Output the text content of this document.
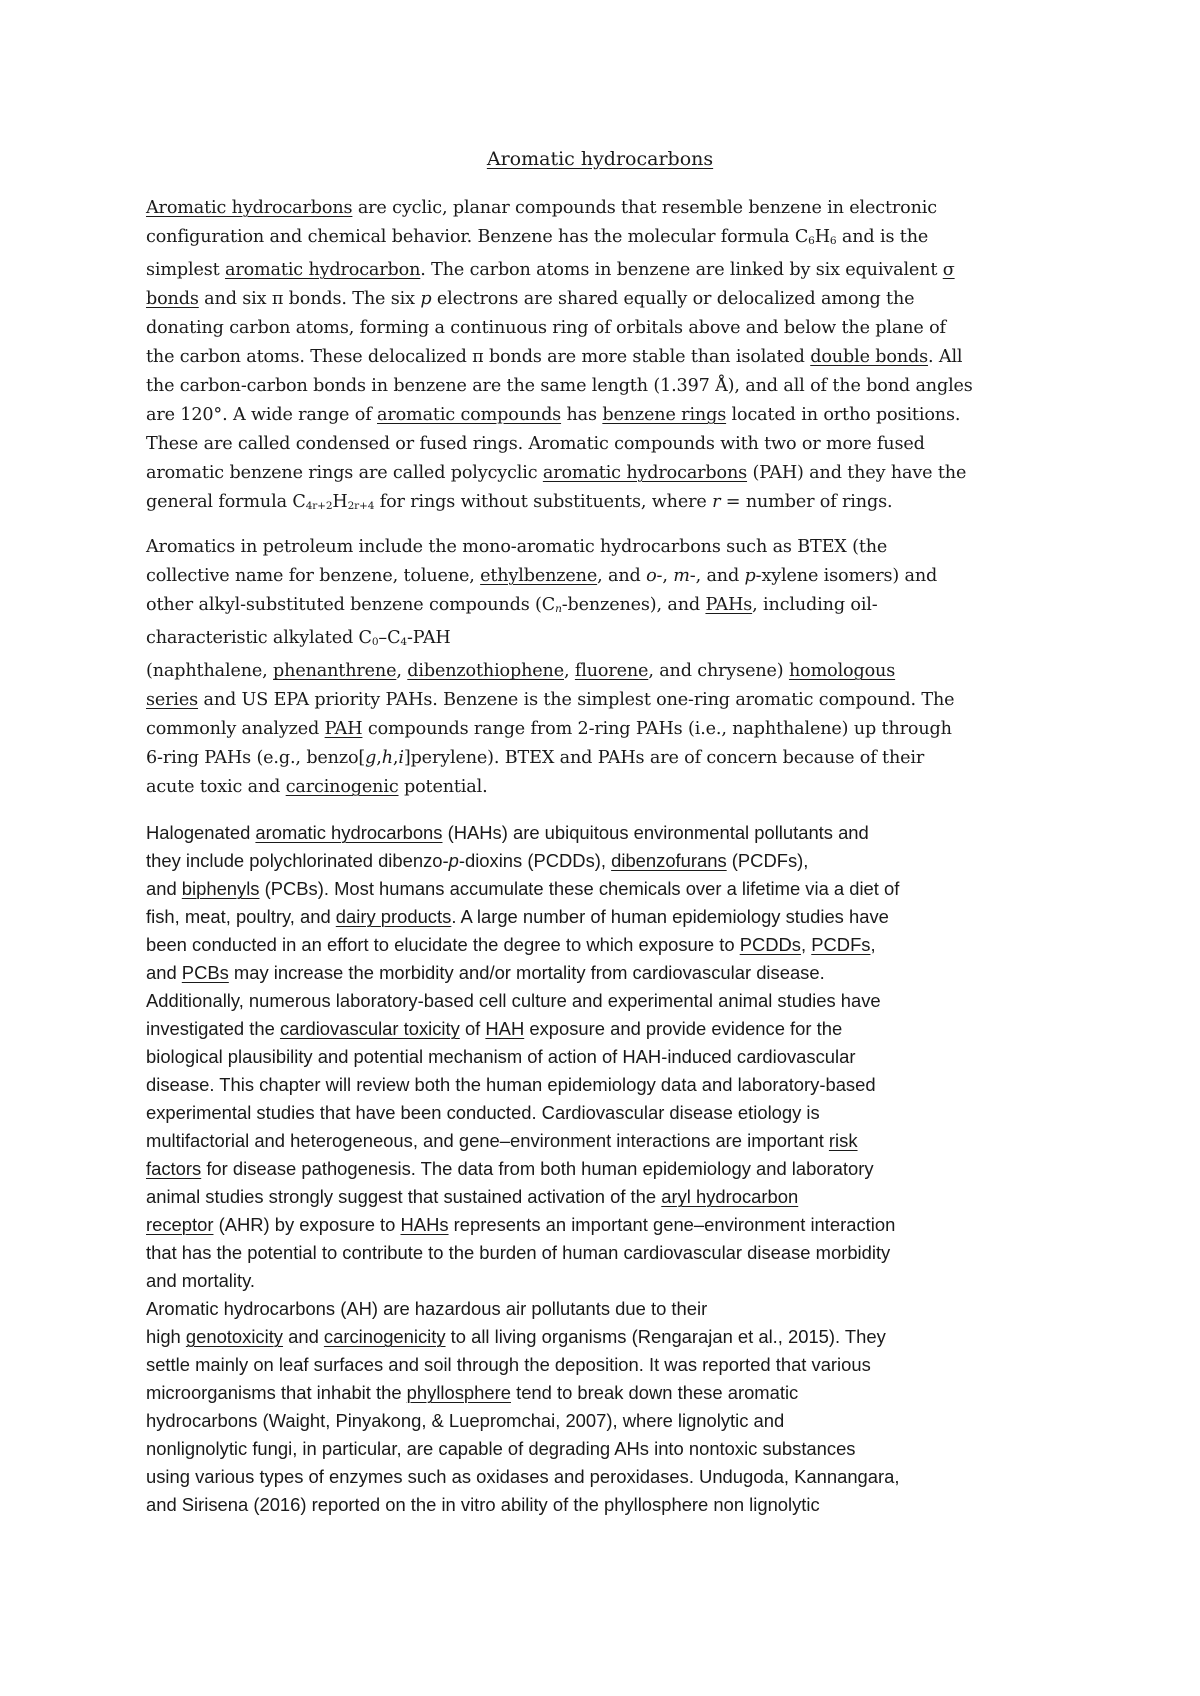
Aromatic hydrocarbons
Aromatic hydrocarbons are cyclic, planar compounds that resemble benzene in electronic
configuration and chemical behavior. Benzene has the molecular formula $C_6H_6$ and is the
simplest aromatic hydrocarbon. The carbon atoms in benzene are linked by six equivalent σ
bonds and six π bonds. The six p electrons are shared equally or delocalized among the
donating carbon atoms, forming a continuous ring of orbitals above and below the plane of
the carbon atoms. These delocalized π bonds are more stable than isolated double bonds. All
the carbon-carbon bonds in benzene are the same length (1.397 Å), and all of the bond angles
are 120°. A wide range of aromatic compounds has benzene rings located in ortho positions.
These are called condensed or fused rings. Aromatic compounds with two or more fused
aromatic benzene rings are called polycyclic aromatic hydrocarbons (PAH) and they have the
general formula $C_{4r+2}H_{2r+4}$ for rings without substituents, where r = number of rings.
Aromatics in petroleum include the mono-aromatic hydrocarbons such as BTEX (the
collective name for benzene, toluene, ethylbenzene, and o-, m-, and p-xylene isomers) and
other alkyl-substituted benzene compounds $(C_n-benzenes)$, and PAHs, including oil-
characteristic alkylated $C_0-C_4$-PAH
(naphthalene, phenanthrene, dibenzothiophene, fluorene, and chrysene) homologous
series and US EPA priority PAHs. Benzene is the simplest one-ring aromatic compound. The
commonly analyzed PAH compounds range from 2-ring PAHs (i.e., naphthalene) up through
6-ring PAHs (e.g., benzo[g,h,i]perylene). BTEX and PAHs are of concern because of their
acute toxic and carcinogenic potential.
Halogenated aromatic hydrocarbons (HAHs) are ubiquitous environmental pollutants and
they include polychlorinated dibenzo-p-dioxins (PCDDs), dibenzofurans (PCDFs),
and biphenyls (PCBs). Most humans accumulate these chemicals over a lifetime via a diet of
fish, meat, poultry, and dairy products. A large number of human epidemiology studies have
been conducted in an effort to elucidate the degree to which exposure to PCDDs, PCDFs,
and PCBs may increase the morbidity and/or mortality from cardiovascular disease.
Additionally, numerous laboratory-based cell culture and experimental animal studies have
investigated the cardiovascular toxicity of HAH exposure and provide evidence for the
biological plausibility and potential mechanism of action of HAH-induced cardiovascular
disease. This chapter will review both the human epidemiology data and laboratory-based
experimental studies that have been conducted. Cardiovascular disease etiology is
multifactorial and heterogeneous, and gene–environment interactions are important risk
factors for disease pathogenesis. The data from both human epidemiology and laboratory
animal studies strongly suggest that sustained activation of the aryl hydrocarbon
receptor (AHR) by exposure to HAHs represents an important gene–environment interaction
that has the potential to contribute to the burden of human cardiovascular disease morbidity
and mortality.
Aromatic hydrocarbons (AH) are hazardous air pollutants due to their
high genotoxicity and carcinogenicity to all living organisms (Rengarajan et al., 2015). They
settle mainly on leaf surfaces and soil through the deposition. It was reported that various
microorganisms that inhabit the phyllosphere tend to break down these aromatic
hydrocarbons (Waight, Pinyakong, & Luepromchai, 2007), where lignolytic and
nonlignolytic fungi, in particular, are capable of degrading AHs into nontoxic substances
using various types of enzymes such as oxidases and peroxidases. Undugoda, Kannangara,
and Sirisena (2016) reported on the in vitro ability of the phyllosphere non lignolytic
